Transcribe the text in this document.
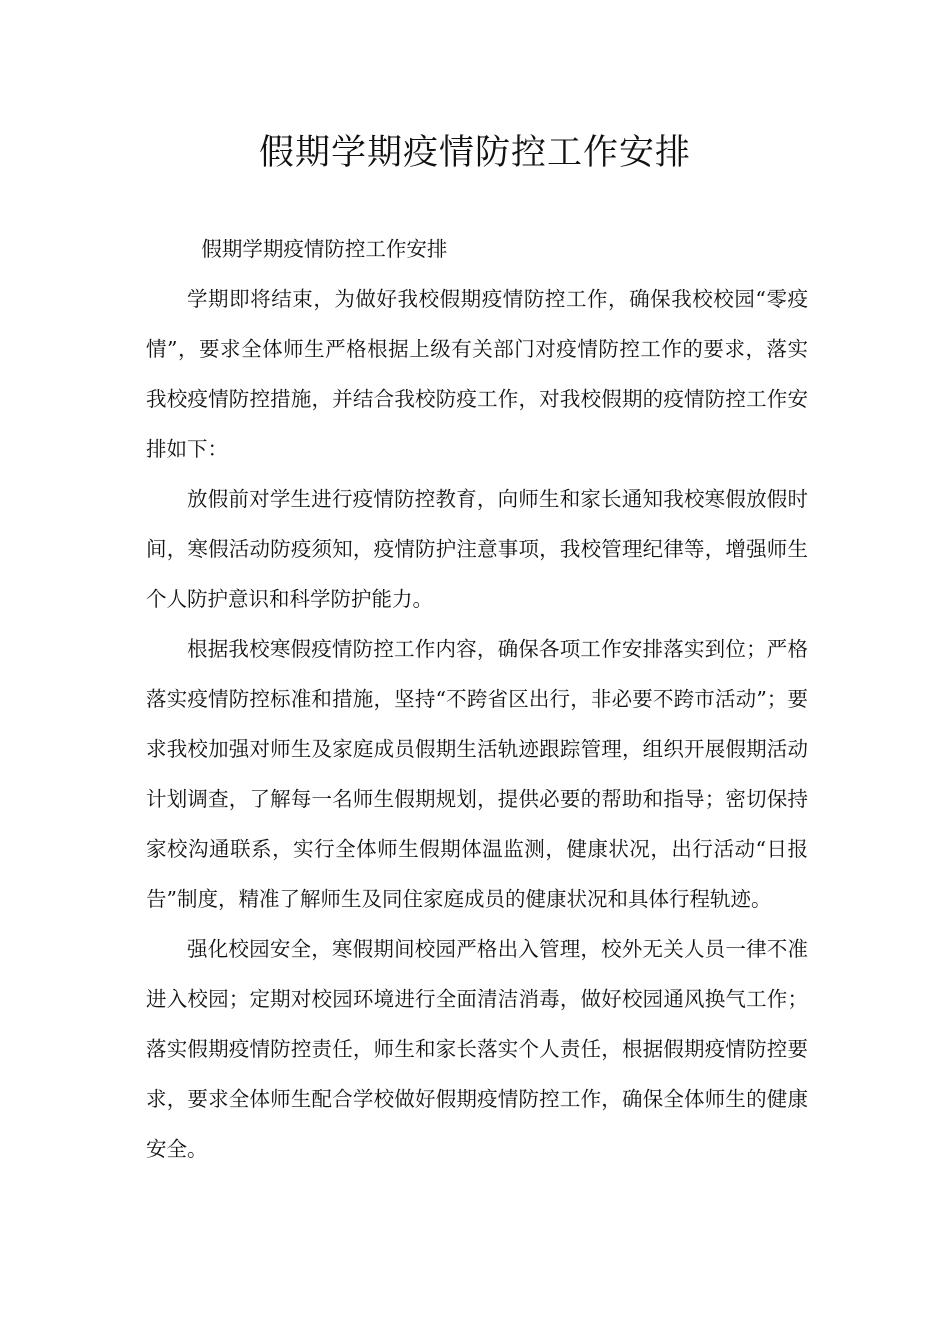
假期学期疫情防控工作安排

假期学期疫情防控工作安排

学期即将结束，为做好我校假期疫情防控工作，确保我校校园“零疫情”，要求全体师生严格根据上级有关部门对疫情防控工作的要求，落实我校疫情防控措施，并结合我校防疫工作，对我校假期的疫情防控工作安排如下：

放假前对学生进行疫情防控教育，向师生和家长通知我校寒假放假时间，寒假活动防疫须知，疫情防护注意事项，我校管理纪律等，增强师生个人防护意识和科学防护能力。

根据我校寒假疫情防控工作内容，确保各项工作安排落实到位；严格落实疫情防控标准和措施，坚持“不跨省区出行，非必要不跨市活动”；要求我校加强对师生及家庭成员假期生活轨迹跟踪管理，组织开展假期活动计划调查，了解每一名师生假期规划，提供必要的帮助和指导；密切保持家校沟通联系，实行全体师生假期体温监测，健康状况，出行活动“日报告”制度，精准了解师生及同住家庭成员的健康状况和具体行程轨迹。

强化校园安全，寒假期间校园严格出入管理，校外无关人员一律不准进入校园；定期对校园环境进行全面清洁消毒，做好校园通风换气工作；落实假期疫情防控责任，师生和家长落实个人责任，根据假期疫情防控要求，要求全体师生配合学校做好假期疫情防控工作，确保全体师生的健康安全。
